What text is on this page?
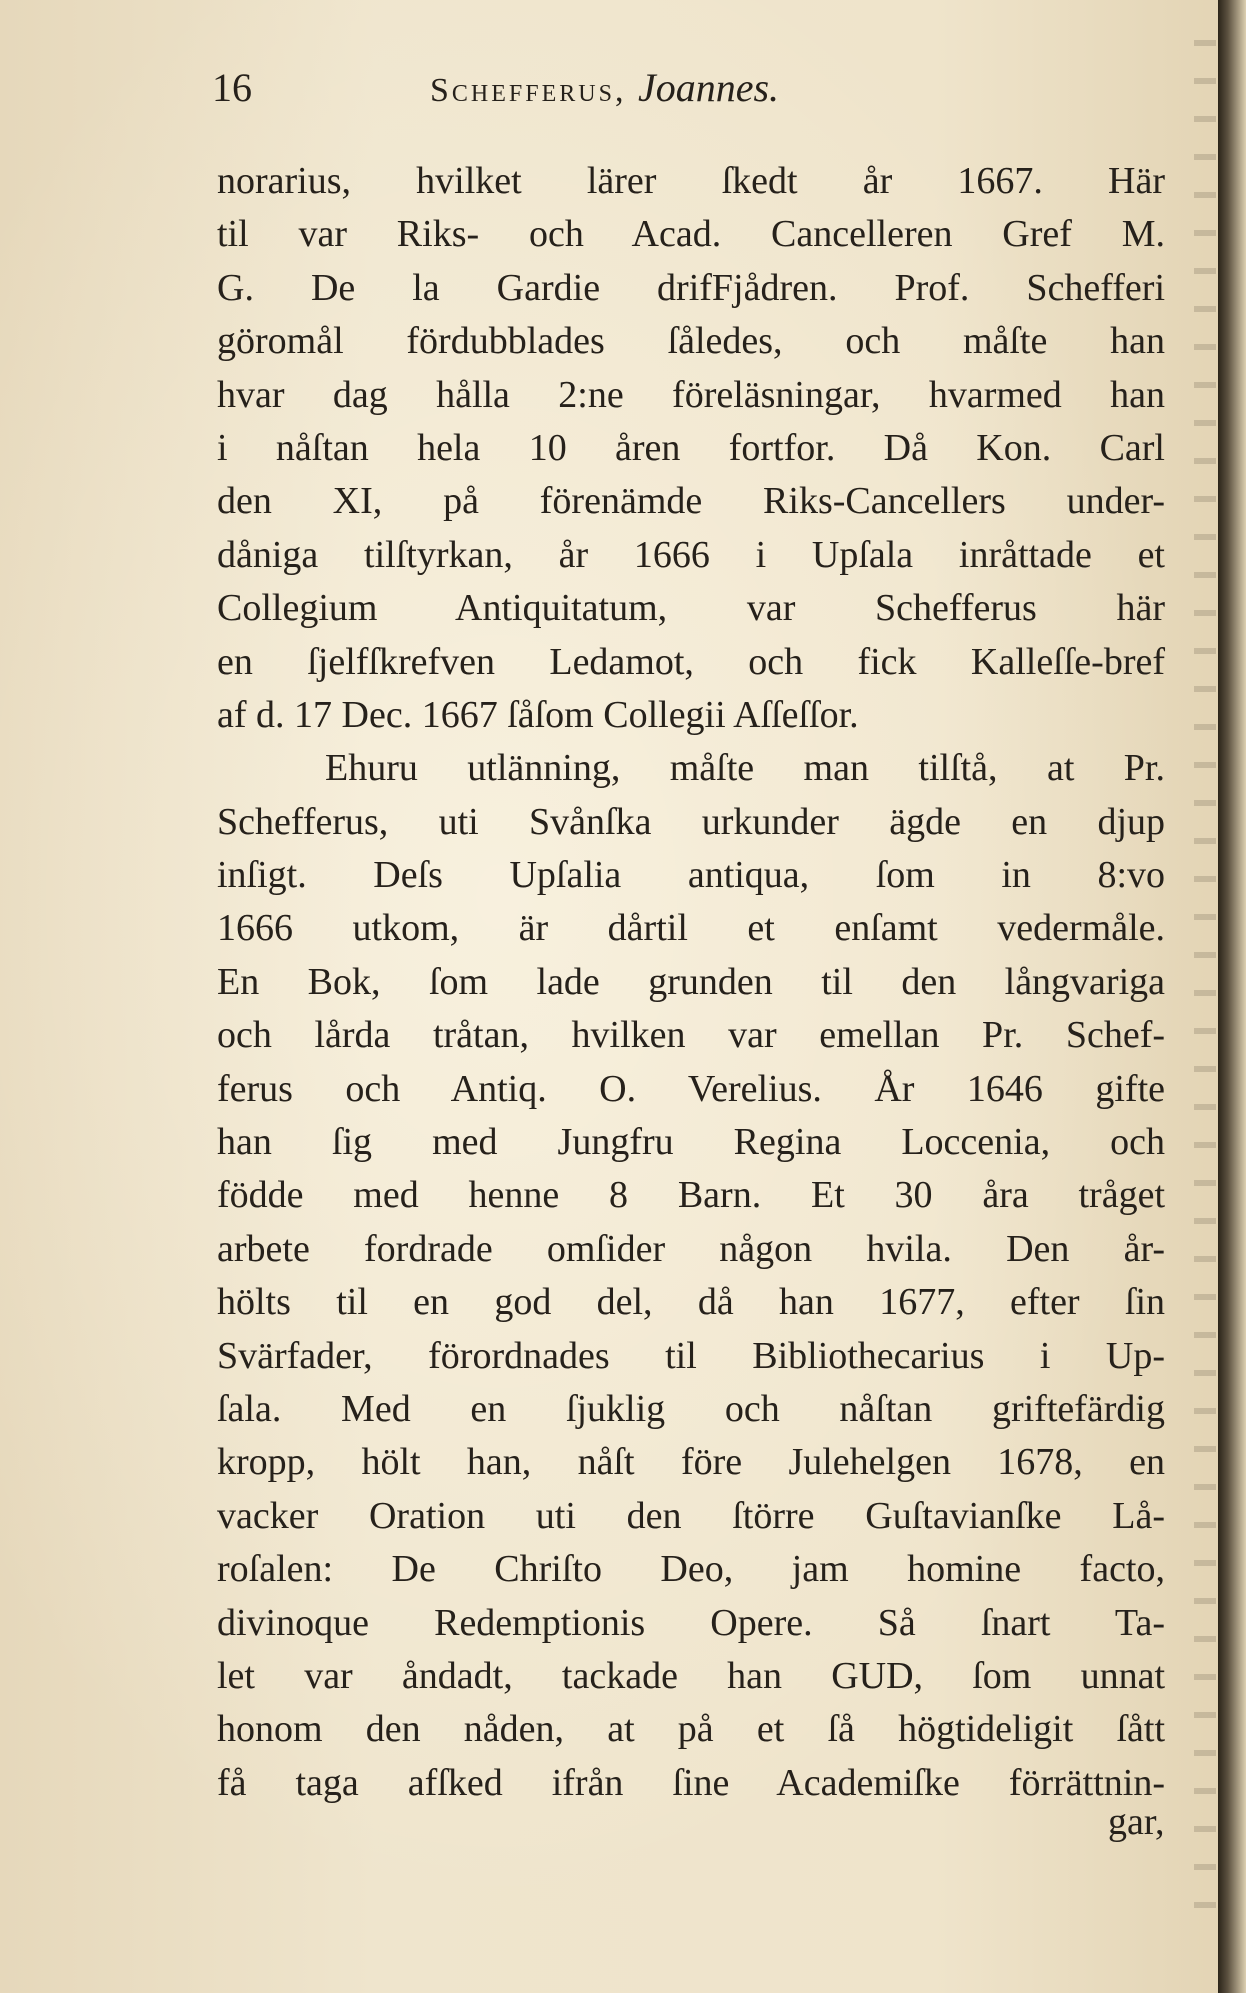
16	Schefferus, Joannes.
norarius, hvilket lärer ſkedt år 1667. Här
til var Riks- och Acad. Cancelleren Gref M.
G. De la Gardie drifFjådren. Prof. Schefferi
göromål fördubblades ſåledes, och måſte han
hvar dag hålla 2:ne föreläsningar, hvarmed han
i nåſtan hela 10 åren fortfor. Då Kon. Carl
den XI, på förenämde Riks-Cancellers under-
dåniga tilſtyrkan, år 1666 i Upſala inråttade et
Collegium Antiquitatum, var Schefferus här
en ſjelfſkrefven Ledamot, och fick Kalleſſe-bref
af d. 17 Dec. 1667 ſåſom Collegii Aſſeſſor.
Ehuru utlänning, måſte man tilſtå, at Pr.
Schefferus, uti Svånſka urkunder ägde en djup
inſigt. Deſs Upſalia antiqua, ſom in 8:vo
1666 utkom, är dårtil et enſamt vedermåle.
En Bok, ſom lade grunden til den långvariga
och lårda tråtan, hvilken var emellan Pr. Schef-
ferus och Antiq. O. Verelius. År 1646 gifte
han ſig med Jungfru Regina Loccenia, och
födde med henne 8 Barn. Et 30 åra tråget
arbete fordrade omſider någon hvila. Den år-
hölts til en god del, då han 1677, efter ſin
Svärfader, förordnades til Bibliothecarius i Up-
ſala. Med en ſjuklig och nåſtan griftefärdig
kropp, hölt han, nåſt före Julehelgen 1678, en
vacker Oration uti den ſtörre Guſtavianſke Lå-
roſalen: De Chriſto Deo, jam homine facto,
divinoque Redemptionis Opere. Så ſnart Ta-
let var åndadt, tackade han GUD, ſom unnat
honom den nåden, at på et ſå högtideligit ſått
få taga afſked ifrån ſine Academiſke förrättnin-
gar,
